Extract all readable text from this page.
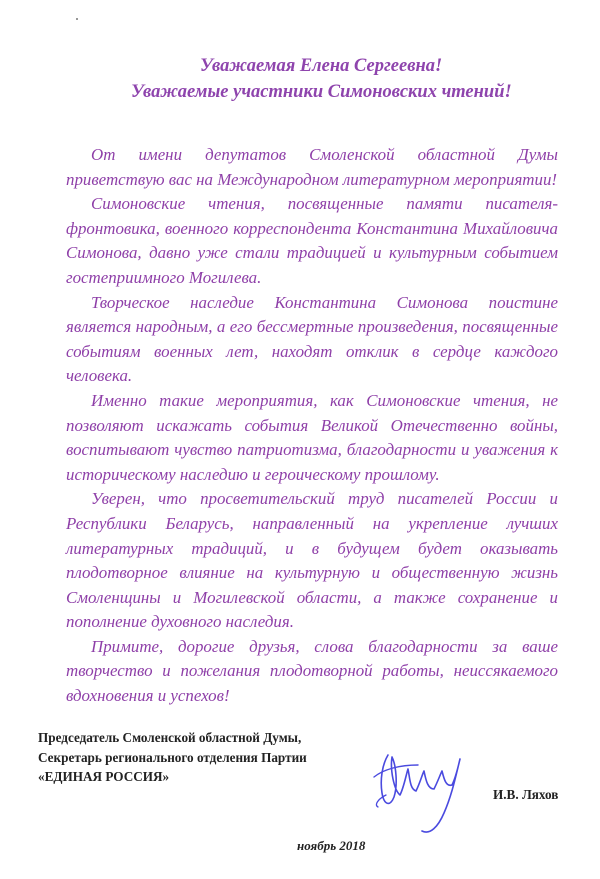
Уважаемая Елена Сергеевна!
Уважаемые участники Симоновских чтений!

От имени депутатов Смоленской областной Думы приветствую вас на Международном литературном мероприятии!

Симоновские чтения, посвященные памяти писателя-фронтовика, военного корреспондента Константина Михайловича Симонова, давно уже стали традицией и культурным событием гостеприимного Могилева.

Творческое наследие Константина Симонова поистине является народным, а его бессмертные произведения, посвященные событиям военных лет, находят отклик в сердце каждого человека.

Именно такие мероприятия, как Симоновские чтения, не позволяют искажать события Великой Отечественно войны, воспитывают чувство патриотизма, благодарности и уважения к историческому наследию и героическому прошлому.

Уверен, что просветительский труд писателей России и Республики Беларусь, направленный на укрепление лучших литературных традиций, и в будущем будет оказывать плодотворное влияние на культурную и общественную жизнь Смоленщины и Могилевской области, а также сохранение и пополнение духовного наследия.

Примите, дорогие друзья, слова благодарности за ваше творчество и пожелания плодотворной работы, неиссякаемого вдохновения и успехов!

Председатель Смоленской областной Думы,
Секретарь регионального отделения Партии
«ЕДИНАЯ РОССИЯ»
И.В. Ляхов
ноябрь 2018
